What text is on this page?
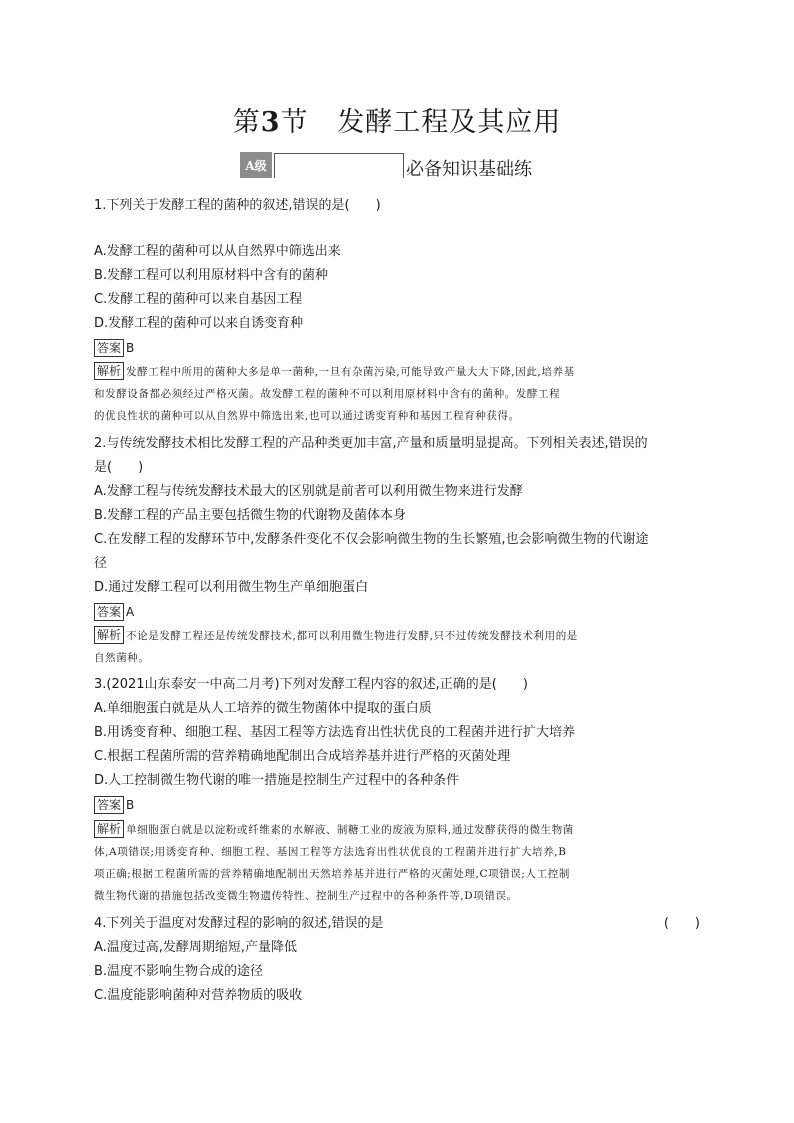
第3节 发酵工程及其应用
A级	必备知识基础练
1.下列关于发酵工程的菌种的叙述,错误的是(　　)
A.发酵工程的菌种可以从自然界中筛选出来
B.发酵工程可以利用原材料中含有的菌种
C.发酵工程的菌种可以来自基因工程
D.发酵工程的菌种可以来自诱变育种
答案 B
解析 发酵工程中所用的菌种大多是单一菌种,一旦有杂菌污染,可能导致产量大大下降,因此,培养基
和发酵设备都必须经过严格灭菌。故发酵工程的菌种不可以利用原材料中含有的菌种。发酵工程
的优良性状的菌种可以从自然界中筛选出来,也可以通过诱变育种和基因工程育种获得。
2.与传统发酵技术相比发酵工程的产品种类更加丰富,产量和质量明显提高。下列相关表述,错误的
是(　　)
A.发酵工程与传统发酵技术最大的区别就是前者可以利用微生物来进行发酵
B.发酵工程的产品主要包括微生物的代谢物及菌体本身
C.在发酵工程的发酵环节中,发酵条件变化不仅会影响微生物的生长繁殖,也会影响微生物的代谢途
径
D.通过发酵工程可以利用微生物生产单细胞蛋白
答案 A
解析 不论是发酵工程还是传统发酵技术,都可以利用微生物进行发酵,只不过传统发酵技术利用的是
自然菌种。
3.(2021山东泰安一中高二月考)下列对发酵工程内容的叙述,正确的是(　　)
A.单细胞蛋白就是从人工培养的微生物菌体中提取的蛋白质
B.用诱变育种、细胞工程、基因工程等方法选育出性状优良的工程菌并进行扩大培养
C.根据工程菌所需的营养精确地配制出合成培养基并进行严格的灭菌处理
D.人工控制微生物代谢的唯一措施是控制生产过程中的各种条件
答案 B
解析 单细胞蛋白就是以淀粉或纤维素的水解液、制糖工业的废液为原料,通过发酵获得的微生物菌
体,A项错误;用诱变育种、细胞工程、基因工程等方法选育出性状优良的工程菌并进行扩大培养,B
项正确;根据工程菌所需的营养精确地配制出天然培养基并进行严格的灭菌处理,C项错误;人工控制
微生物代谢的措施包括改变微生物遗传特性、控制生产过程中的各种条件等,D项错误。
4.下列关于温度对发酵过程的影响的叙述,错误的是	(　　)
A.温度过高,发酵周期缩短,产量降低
B.温度不影响生物合成的途径
C.温度能影响菌种对营养物质的吸收
